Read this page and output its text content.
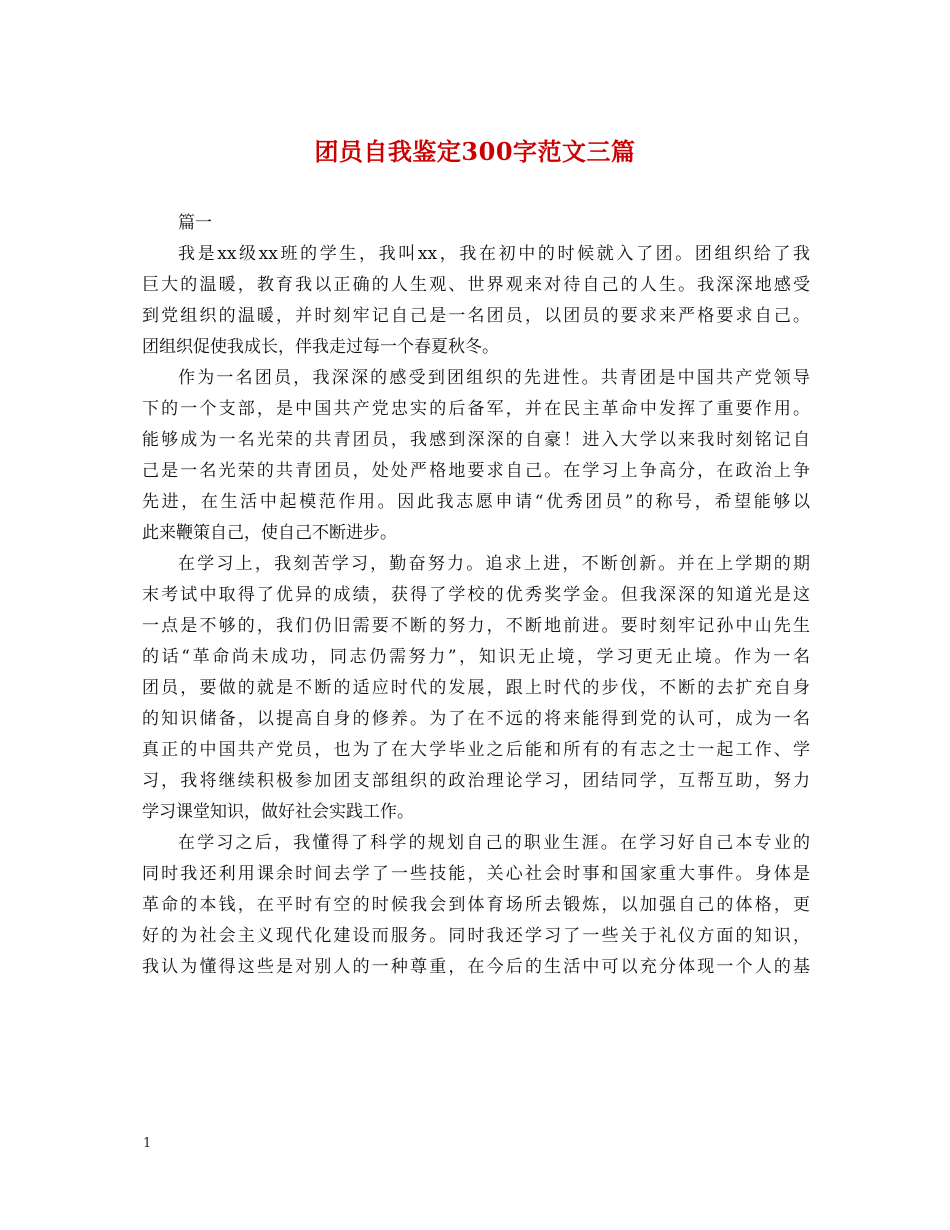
团员自我鉴定300字范文三篇

篇一

我是xx级xx班的学生，我叫xx，我在初中的时候就入了团。团组织给了我
巨大的温暖，教育我以正确的人生观、世界观来对待自己的人生。我深深地感受
到党组织的温暖，并时刻牢记自己是一名团员，以团员的要求来严格要求自己。
团组织促使我成长，伴我走过每一个春夏秋冬。
作为一名团员，我深深的感受到团组织的先进性。共青团是中国共产党领导
下的一个支部，是中国共产党忠实的后备军，并在民主革命中发挥了重要作用。
能够成为一名光荣的共青团员，我感到深深的自豪！进入大学以来我时刻铭记自
己是一名光荣的共青团员，处处严格地要求自己。在学习上争高分，在政治上争
先进，在生活中起模范作用。因此我志愿申请“优秀团员”的称号，希望能够以
此来鞭策自己，使自己不断进步。
在学习上，我刻苦学习，勤奋努力。追求上进，不断创新。并在上学期的期
末考试中取得了优异的成绩，获得了学校的优秀奖学金。但我深深的知道光是这
一点是不够的，我们仍旧需要不断的努力，不断地前进。要时刻牢记孙中山先生
的话“革命尚未成功，同志仍需努力”，知识无止境，学习更无止境。作为一名
团员，要做的就是不断的适应时代的发展，跟上时代的步伐，不断的去扩充自身
的知识储备，以提高自身的修养。为了在不远的将来能得到党的认可，成为一名
真正的中国共产党员，也为了在大学毕业之后能和所有的有志之士一起工作、学
习，我将继续积极参加团支部组织的政治理论学习，团结同学，互帮互助，努力
学习课堂知识，做好社会实践工作。
在学习之后，我懂得了科学的规划自己的职业生涯。在学习好自己本专业的
同时我还利用课余时间去学了一些技能，关心社会时事和国家重大事件。身体是
革命的本钱，在平时有空的时候我会到体育场所去锻炼，以加强自己的体格，更
好的为社会主义现代化建设而服务。同时我还学习了一些关于礼仪方面的知识，
我认为懂得这些是对别人的一种尊重，在今后的生活中可以充分体现一个人的基
1
